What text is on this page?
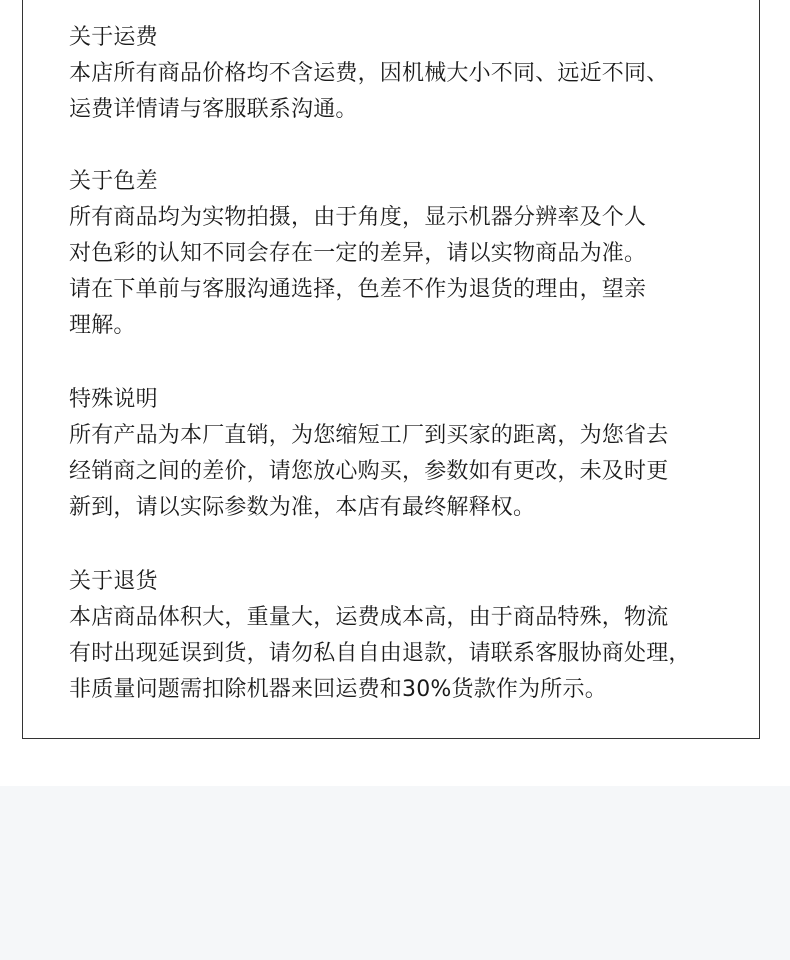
关于运费
本店所有商品价格均不含运费，因机械大小不同、远近不同、
运费详情请与客服联系沟通。
关于色差
所有商品均为实物拍摄，由于角度，显示机器分辨率及个人
对色彩的认知不同会存在一定的差异，请以实物商品为准。
请在下单前与客服沟通选择，色差不作为退货的理由，望亲
理解。
特殊说明
所有产品为本厂直销，为您缩短工厂到买家的距离，为您省去
经销商之间的差价，请您放心购买，参数如有更改，未及时更
新到，请以实际参数为准，本店有最终解释权。
关于退货
本店商品体积大，重量大，运费成本高，由于商品特殊，物流
有时出现延误到货，请勿私自自由退款，请联系客服协商处理，
非质量问题需扣除机器来回运费和30%货款作为所示。
